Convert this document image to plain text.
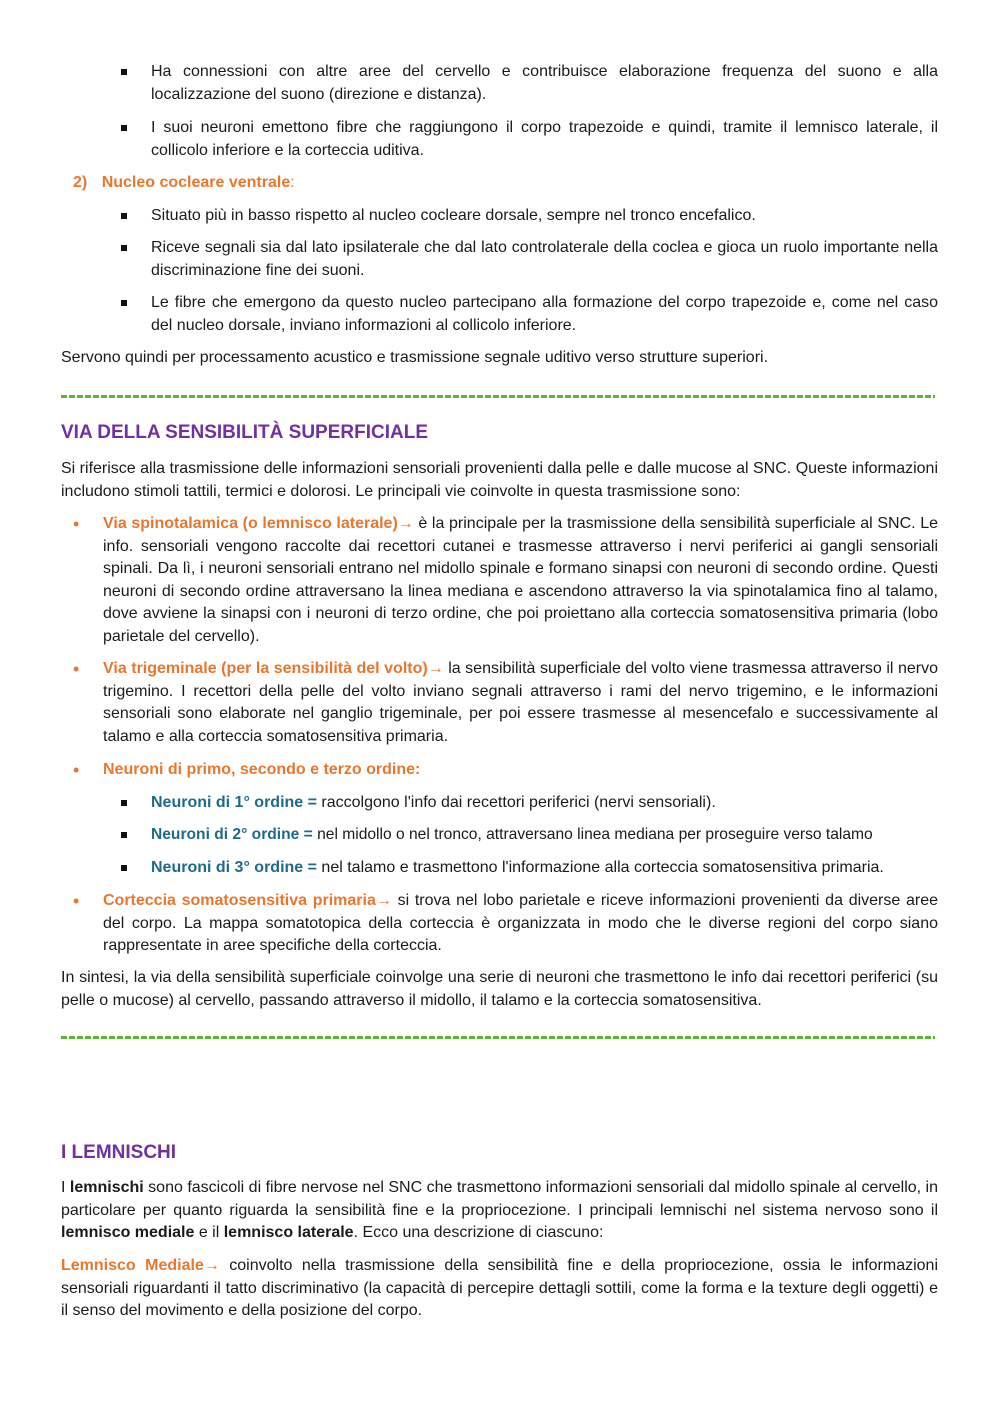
Ha connessioni con altre aree del cervello e contribuisce elaborazione frequenza del suono e alla localizzazione del suono (direzione e distanza).
I suoi neuroni emettono fibre che raggiungono il corpo trapezoide e quindi, tramite il lemnisco laterale, il collicolo inferiore e la corteccia uditiva.
2) Nucleo cocleare ventrale:
Situato più in basso rispetto al nucleo cocleare dorsale, sempre nel tronco encefalico.
Riceve segnali sia dal lato ipsilaterale che dal lato controlaterale della coclea e gioca un ruolo importante nella discriminazione fine dei suoni.
Le fibre che emergono da questo nucleo partecipano alla formazione del corpo trapezoide e, come nel caso del nucleo dorsale, inviano informazioni al collicolo inferiore.
Servono quindi per processamento acustico e trasmissione segnale uditivo verso strutture superiori.
VIA DELLA SENSIBILITÀ SUPERFICIALE
Si riferisce alla trasmissione delle informazioni sensoriali provenienti dalla pelle e dalle mucose al SNC. Queste informazioni includono stimoli tattili, termici e dolorosi. Le principali vie coinvolte in questa trasmissione sono:
• Via spinotalamica (o lemnisco laterale)→ è la principale per la trasmissione della sensibilità superficiale al SNC. Le info. sensoriali vengono raccolte dai recettori cutanei e trasmesse attraverso i nervi periferici ai gangli sensoriali spinali. Da lì, i neuroni sensoriali entrano nel midollo spinale e formano sinapsi con neuroni di secondo ordine. Questi neuroni di secondo ordine attraversano la linea mediana e ascendono attraverso la via spinotalamica fino al talamo, dove avviene la sinapsi con i neuroni di terzo ordine, che poi proiettano alla corteccia somatosensitiva primaria (lobo parietale del cervello).
• Via trigeminale (per la sensibilità del volto)→ la sensibilità superficiale del volto viene trasmessa attraverso il nervo trigemino. I recettori della pelle del volto inviano segnali attraverso i rami del nervo trigemino, e le informazioni sensoriali sono elaborate nel ganglio trigeminale, per poi essere trasmesse al mesencefalo e successivamente al talamo e alla corteccia somatosensitiva primaria.
• Neuroni di primo, secondo e terzo ordine:
Neuroni di 1° ordine = raccolgono l'info dai recettori periferici (nervi sensoriali).
Neuroni di 2° ordine = nel midollo o nel tronco, attraversano linea mediana per proseguire verso talamo
Neuroni di 3° ordine = nel talamo e trasmettono l'informazione alla corteccia somatosensitiva primaria.
• Corteccia somatosensitiva primaria→ si trova nel lobo parietale e riceve informazioni provenienti da diverse aree del corpo. La mappa somatotopica della corteccia è organizzata in modo che le diverse regioni del corpo siano rappresentate in aree specifiche della corteccia.
In sintesi, la via della sensibilità superficiale coinvolge una serie di neuroni che trasmettono le info dai recettori periferici (su pelle o mucose) al cervello, passando attraverso il midollo, il talamo e la corteccia somatosensitiva.
I LEMNISCHI
I lemnischi sono fascicoli di fibre nervose nel SNC che trasmettono informazioni sensoriali dal midollo spinale al cervello, in particolare per quanto riguarda la sensibilità fine e la propriocezione. I principali lemnischi nel sistema nervoso sono il lemnisco mediale e il lemnisco laterale. Ecco una descrizione di ciascuno:
Lemnisco Mediale→ coinvolto nella trasmissione della sensibilità fine e della propriocezione, ossia le informazioni sensoriali riguardanti il tatto discriminativo (la capacità di percepire dettagli sottili, come la forma e la texture degli oggetti) e il senso del movimento e della posizione del corpo.
